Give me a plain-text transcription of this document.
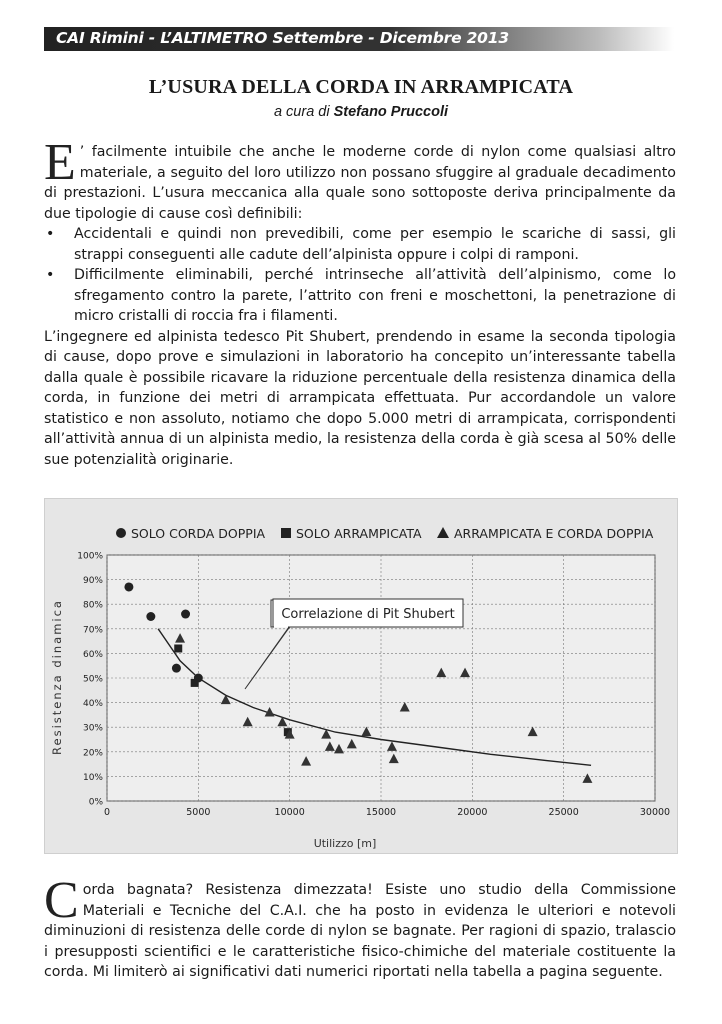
CAI Rimini - L’ALTIMETRO Settembre - Dicembre 2013
L’USURA DELLA CORDA IN ARRAMPICATA
a cura di Stefano Pruccoli

E ’ facilmente intuibile che anche le moderne corde di nylon come qualsiasi altro materiale, a seguito del loro utilizzo non possano sfuggire al graduale decadimento di prestazioni. L’usura meccanica alla quale sono sottoposte deriva principalmente da due tipologie di cause così definibili:

• Accidentali e quindi non prevedibili, come per esempio le scariche di sassi, gli strappi conseguenti alle cadute dell’alpinista oppure i colpi di ramponi.
• Difficilmente eliminabili, perché intrinseche all’attività dell’alpinismo, come lo sfregamento contro la parete, l’attrito con freni e moschettoni, la penetrazione di micro cristalli di roccia fra i filamenti.

L’ingegnere ed alpinista tedesco Pit Shubert, prendendo in esame la seconda tipologia di cause, dopo prove e simulazioni in laboratorio ha concepito un’interessante tabella dalla quale è possibile ricavare la riduzione percentuale della resistenza dinamica della corda, in funzione dei metri di arrampicata effettuata. Pur accordandole un valore statistico e non assoluto, notiamo che dopo 5.000 metri di arrampicata, corrispondenti all’attività annua di un alpinista medio, la resistenza della corda è già scesa al 50% delle sue potenzialità originarie.

SOLO CORDA DOPPIA SOLO ARRAMPICATA	ARRAMPICATA E CORDA DOPPIA
0%
10%
20%
30%
40%
50%
60%
70%
80%
90%
100%
0	5000	10000	15000	20000	25000	30000
Correlazione di Pit Shubert
Resistenza dinamica
Utilizzo [m]

Corda bagnata? Resistenza dimezzata! Esiste uno studio della Commissione Materiali e Tecniche del C.A.I. che ha posto in evidenza le ulteriori e notevoli diminuzioni di resistenza delle corde di nylon se bagnate. Per ragioni di spazio, tralascio i presupposti scientifici e le caratteristiche fisico-chimiche del materiale costituente la corda. Mi limiterò ai significativi dati numerici riportati nella tabella a pagina seguente.
